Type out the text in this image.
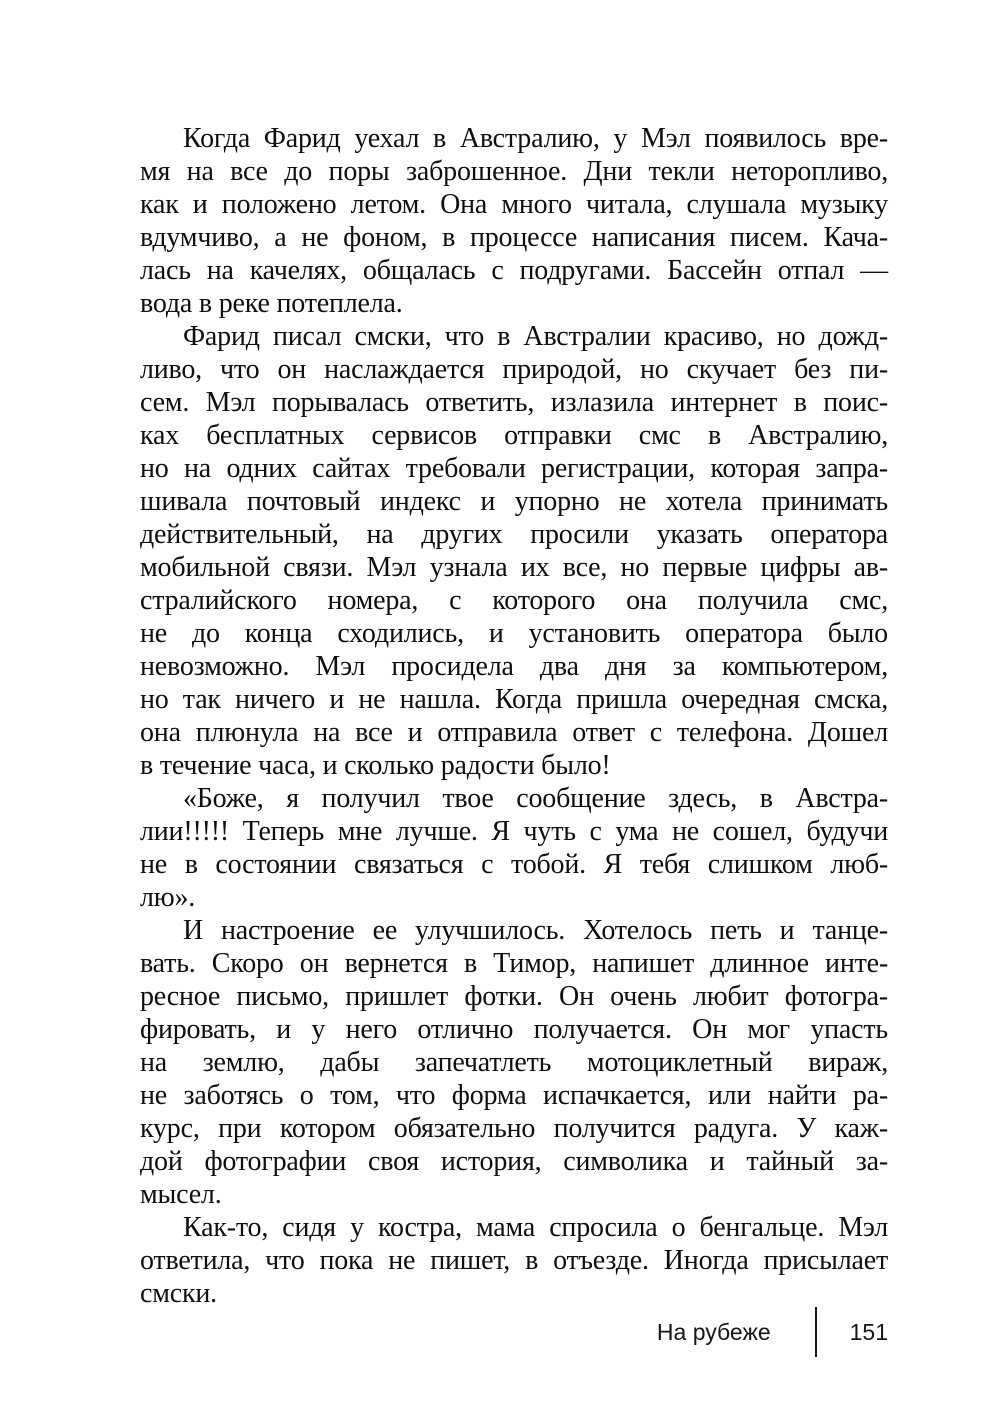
Когда Фарид уехал в Австралию, у Мэл появилось вре-
мя на все до поры заброшенное. Дни текли неторопливо,
как и положено летом. Она много читала, слушала музыку
вдумчиво, а не фоном, в процессе написания писем. Кача-
лась на качелях, общалась с подругами. Бассейн отпал —
вода в реке потеплела.
Фарид писал смски, что в Австралии красиво, но дожд-
ливо, что он наслаждается природой, но скучает без пи-
сем. Мэл порывалась ответить, излазила интернет в поис-
ках бесплатных сервисов отправки смс в Австралию,
но на одних сайтах требовали регистрации, которая запра-
шивала почтовый индекс и упорно не хотела принимать
действительный, на других просили указать оператора
мобильной связи. Мэл узнала их все, но первые цифры ав-
стралийского номера, с которого она получила смс,
не до конца сходились, и установить оператора было
невозможно. Мэл просидела два дня за компьютером,
но так ничего и не нашла. Когда пришла очередная смска,
она плюнула на все и отправила ответ с телефона. Дошел
в течение часа, и сколько радости было!
«Боже, я получил твое сообщение здесь, в Австра-
лии!!!!! Теперь мне лучше. Я чуть с ума не сошел, будучи
не в состоянии связаться с тобой. Я тебя слишком люб-
лю».
И настроение ее улучшилось. Хотелось петь и танце-
вать. Скоро он вернется в Тимор, напишет длинное инте-
ресное письмо, пришлет фотки. Он очень любит фотогра-
фировать, и у него отлично получается. Он мог упасть
на землю, дабы запечатлеть мотоциклетный вираж,
не заботясь о том, что форма испачкается, или найти ра-
курс, при котором обязательно получится радуга. У каж-
дой фотографии своя история, символика и тайный за-
мысел.
Как-то, сидя у костра, мама спросила о бенгальце. Мэл
ответила, что пока не пишет, в отъезде. Иногда присылает
смски.
На рубеже	151
